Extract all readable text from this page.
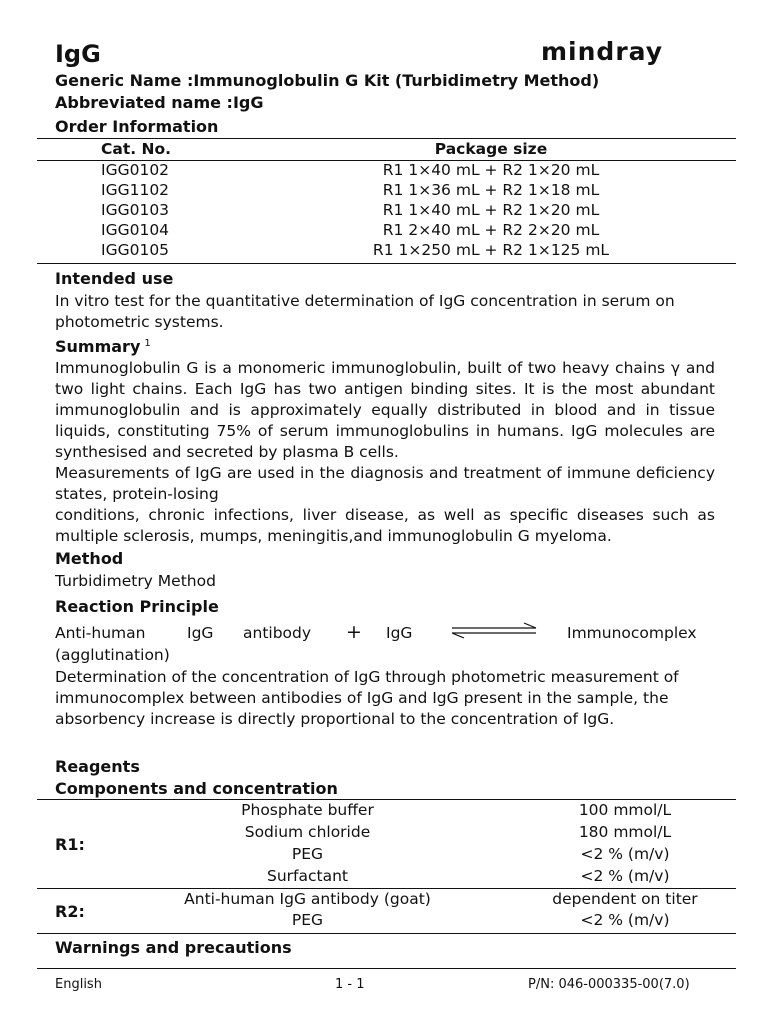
IgG	mindray
Generic Name :Immunoglobulin G Kit (Turbidimetry Method)
Abbreviated name :IgG
Order Information
Cat. No.	Package size
IGG0102	R1 1×40 mL + R2 1×20 mL
IGG1102	R1 1×36 mL + R2 1×18 mL
IGG0103	R1 1×40 mL + R2 1×20 mL
IGG0104	R1 2×40 mL + R2 2×20 mL
IGG0105	R1 1×250 mL + R2 1×125 mL
Intended use
In vitro test for the quantitative determination of IgG concentration in serum on photometric systems.
Summary $^1$
Immunoglobulin G is a monomeric immunoglobulin, built of two heavy chains γ and two light chains. Each IgG has two antigen binding sites. It is the most abundant immunoglobulin and is approximately equally distributed in blood and in tissue liquids, constituting 75% of serum immunoglobulins in humans. IgG molecules are synthesised and secreted by plasma B cells.
Measurements of IgG are used in the diagnosis and treatment of immune deficiency states, protein-losing
conditions, chronic infections, liver disease, as well as specific diseases such as multiple sclerosis, mumps, meningitis,and immunoglobulin G myeloma.
Method
Turbidimetry Method
Reaction Principle
Anti-human	IgG antibody + IgG	Immunocomplex
(agglutination)
Determination of the concentration of IgG through photometric measurement of immunocomplex between antibodies of IgG and IgG present in the sample, the absorbency increase is directly proportional to the concentration of IgG.
Reagents
Components and concentration
R1:
Phosphate buffer	100 mmol/L
Sodium chloride	180 mmol/L
PEG	<2 % (m/v)
Surfactant	<2 % (m/v)
R2:
Anti-human IgG antibody (goat)	dependent on titer
PEG	<2 % (m/v)
Warnings and precautions
English	1 - 1	P/N: 046-000335-00(7.0)
